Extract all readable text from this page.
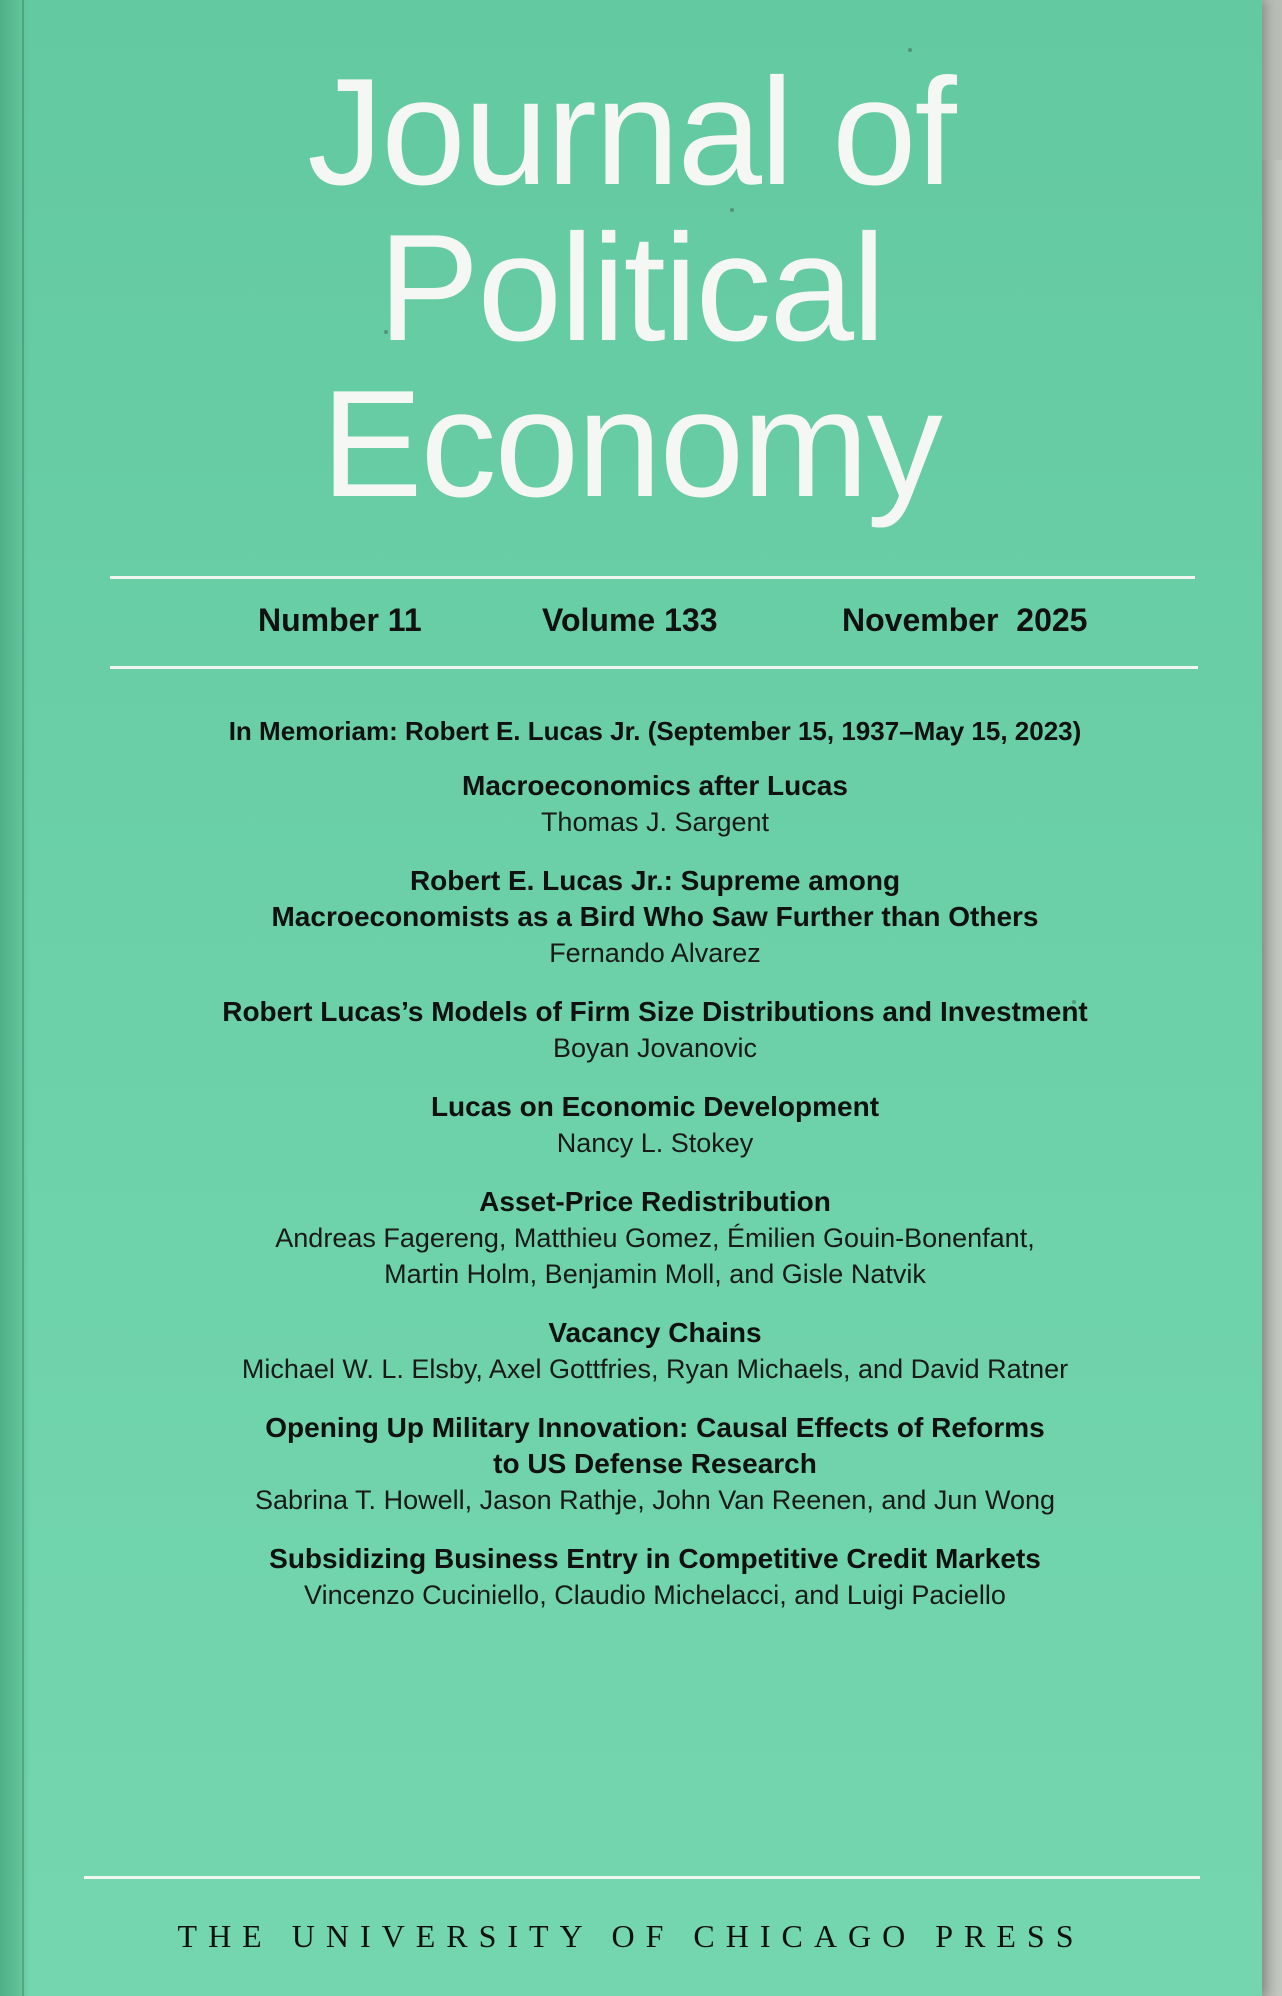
Journal of
Political
Economy
Number 11	Volume 133	November  2025
In Memoriam: Robert E. Lucas Jr. (September 15, 1937–May 15, 2023)
Macroeconomics after Lucas
Thomas J. Sargent
Robert E. Lucas Jr.: Supreme among
Macroeconomists as a Bird Who Saw Further than Others
Fernando Alvarez
Robert Lucas’s Models of Firm Size Distributions and Investment
Boyan Jovanovic
Lucas on Economic Development
Nancy L. Stokey
Asset-Price Redistribution
Andreas Fagereng, Matthieu Gomez, Émilien Gouin-Bonenfant,
Martin Holm, Benjamin Moll, and Gisle Natvik
Vacancy Chains
Michael W. L. Elsby, Axel Gottfries, Ryan Michaels, and David Ratner
Opening Up Military Innovation: Causal Effects of Reforms
to US Defense Research
Sabrina T. Howell, Jason Rathje, John Van Reenen, and Jun Wong
Subsidizing Business Entry in Competitive Credit Markets
Vincenzo Cuciniello, Claudio Michelacci, and Luigi Paciello
THE UNIVERSITY OF CHICAGO PRESS
